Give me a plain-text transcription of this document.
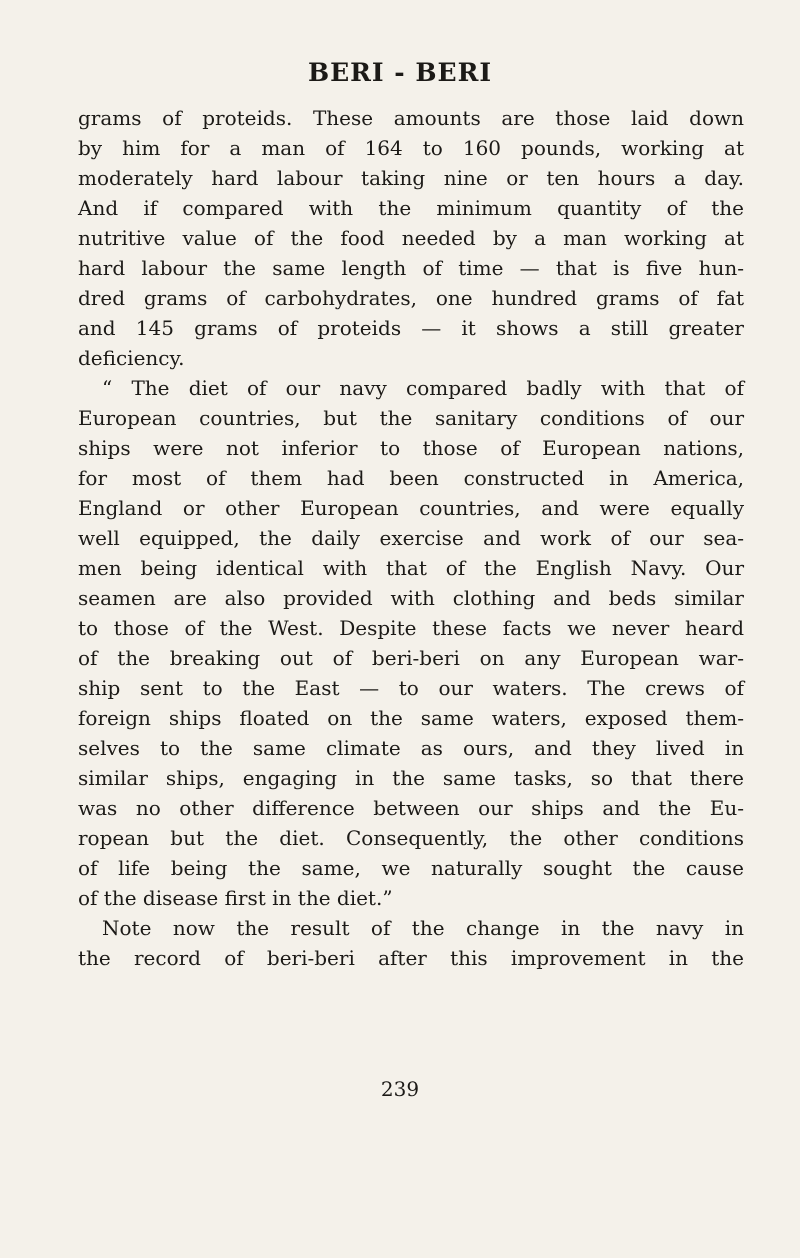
BERI - BERI
grams of proteids. These amounts are those laid down
by him for a man of 164 to 160 pounds, working at
moderately hard labour taking nine or ten hours a day.
And if compared with the minimum quantity of the
nutritive value of the food needed by a man working at
hard labour the same length of time — that is five hun-
dred grams of carbohydrates, one hundred grams of fat
and 145 grams of proteids — it shows a still greater
deficiency.
“ The diet of our navy compared badly with that of
European countries, but the sanitary conditions of our
ships were not inferior to those of European nations,
for most of them had been constructed in America,
England or other European countries, and were equally
well equipped, the daily exercise and work of our sea-
men being identical with that of the English Navy. Our
seamen are also provided with clothing and beds similar
to those of the West. Despite these facts we never heard
of the breaking out of beri-beri on any European war-
ship sent to the East — to our waters. The crews of
foreign ships floated on the same waters, exposed them-
selves to the same climate as ours, and they lived in
similar ships, engaging in the same tasks, so that there
was no other difference between our ships and the Eu-
ropean but the diet. Consequently, the other conditions
of life being the same, we naturally sought the cause
of the disease first in the diet.”
Note now the result of the change in the navy in
the record of beri-beri after this improvement in the
239
